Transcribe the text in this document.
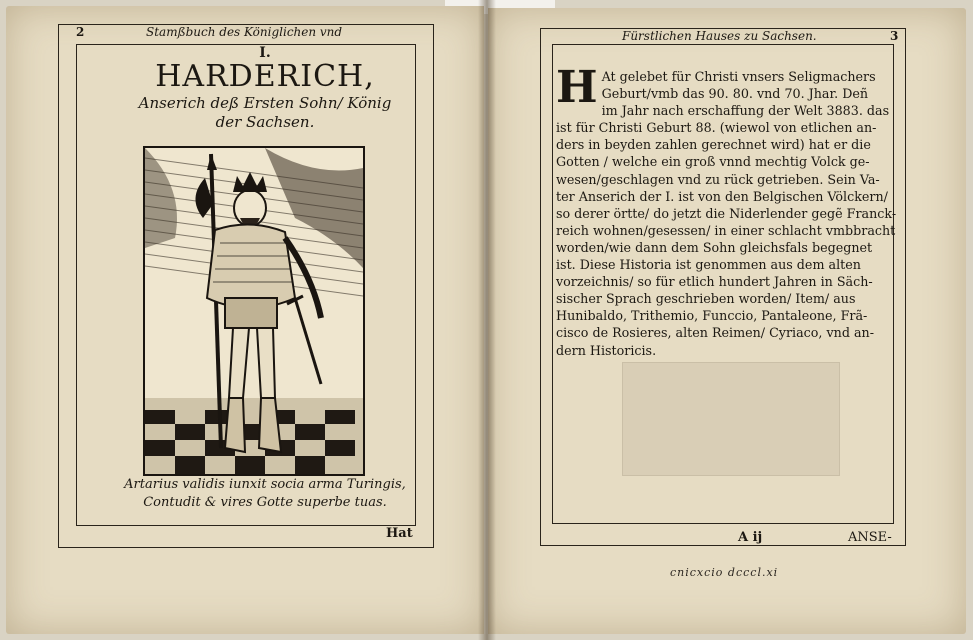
2	Stamßbuch des Königlichen vnd
I.
HARDERICH,
Anserich deß Ersten Sohn/ König
der Sachsen.
Artarius validis iunxit socia arma Turingis,
Contudit & vires Gotte superbe tuas.
Hat
Fürstlichen Hauses zu Sachsen.	3
H At gelebet für Christi vnsers Seligmachers
Geburt/vmb das 90. 80. vnd 70. Jhar. Deñ
im Jahr nach erschaffung der Welt 3883. das
ist für Christi Geburt 88. (wiewol von etlichen an-
ders in beyden zahlen gerechnet wird) hat er die
Gotten / welche ein groß vnnd mechtig Volck ge-
wesen/geschlagen vnd zu rück getrieben. Sein Va-
ter Anserich der I. ist von den Belgischen Völckern/
so derer örtte/ do jetzt die Niderlender gegẽ Franck-
reich wohnen/gesessen/ in einer schlacht vmbbracht
worden/wie dann dem Sohn gleichsfals begegnet
ist. Diese Historia ist genommen aus dem alten
vorzeichnis/ so für etlich hundert Jahren in Säch-
sischer Sprach geschrieben worden/ Item/ aus
Hunibaldo, Trithemio, Funccio, Pantaleone, Frã-
cisco de Rosieres, alten Reimen/ Cyriaco, vnd an-
dern Historicis.
A ij	ANSE-
cnicxcio dcccl.xi
